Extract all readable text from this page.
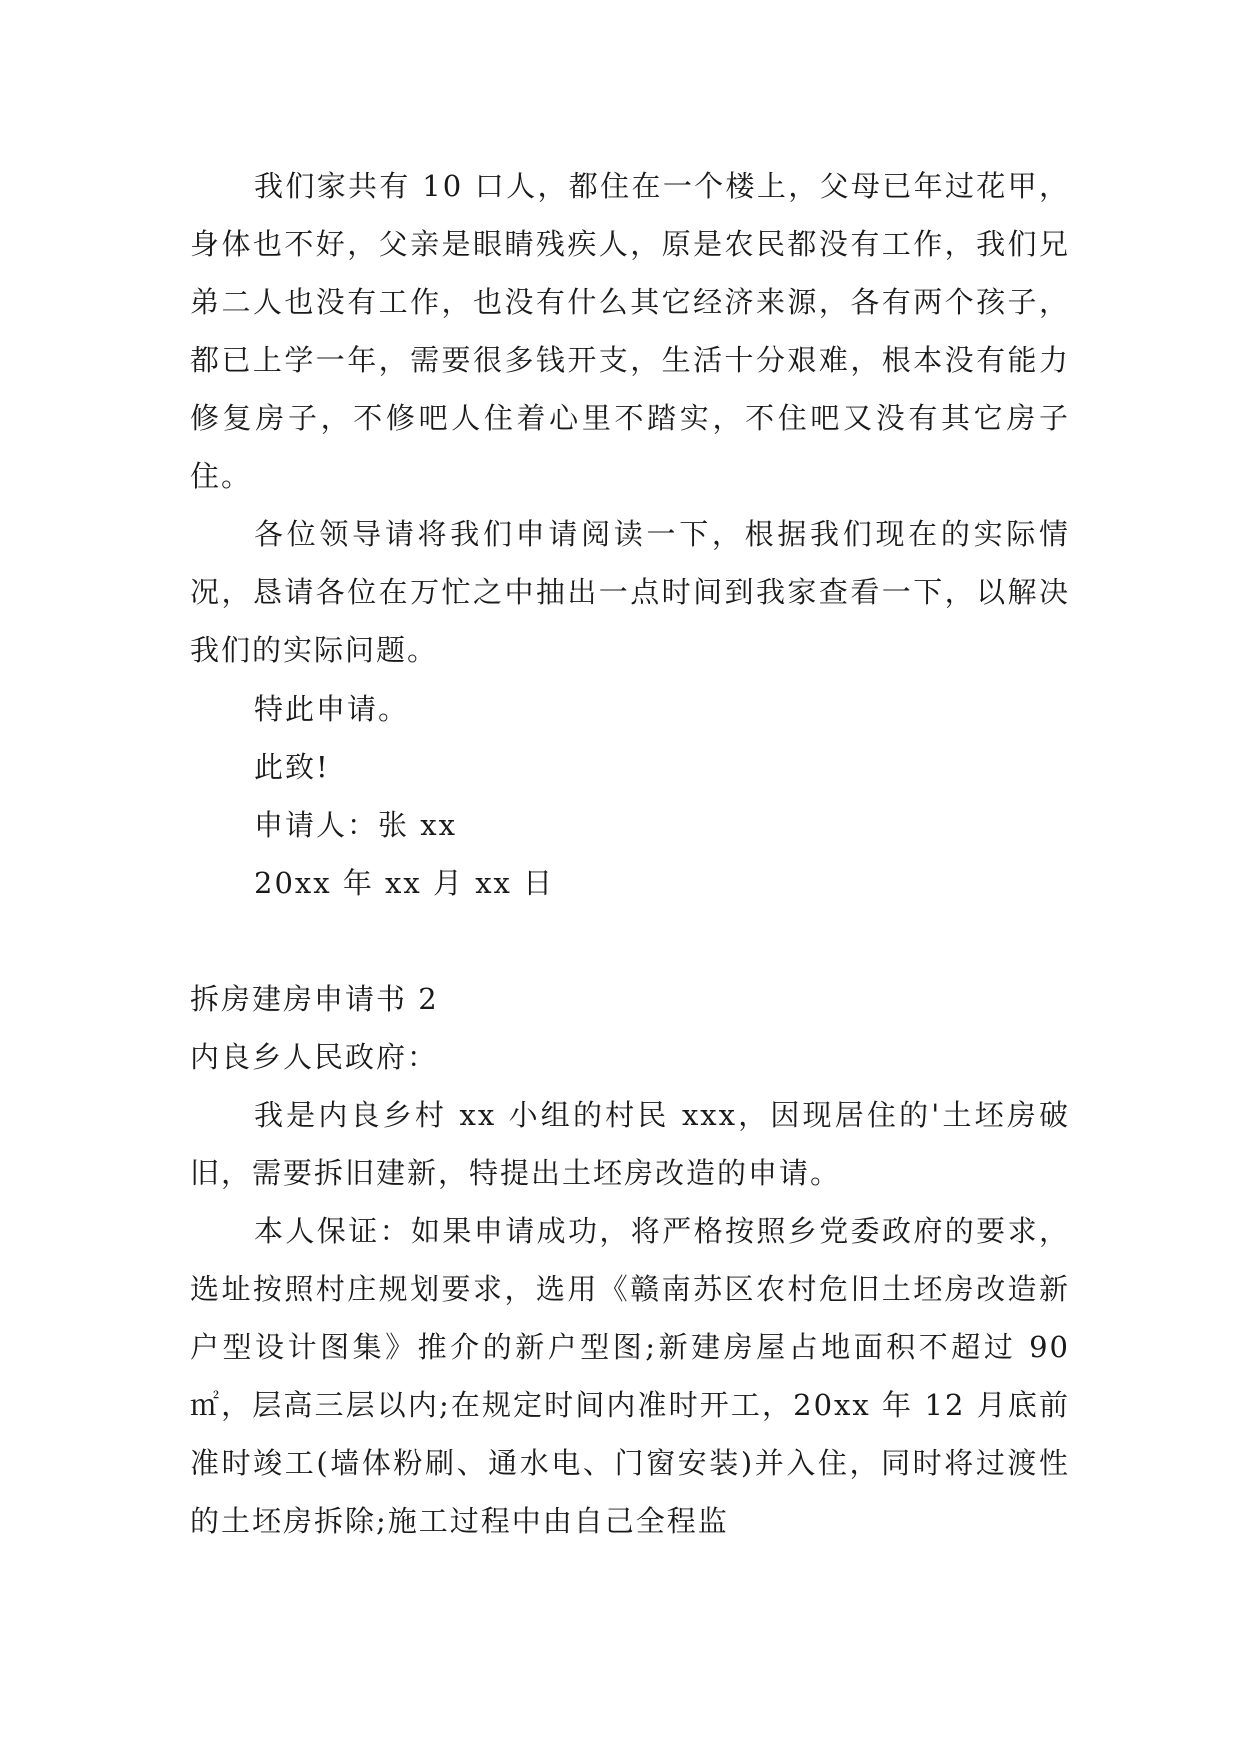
我们家共有 10 口人，都住在一个楼上，父母已年过花甲，身体也不好，父亲是眼睛残疾人，原是农民都没有工作，我们兄弟二人也没有工作，也没有什么其它经济来源，各有两个孩子，都已上学一年，需要很多钱开支，生活十分艰难，根本没有能力修复房子，不修吧人住着心里不踏实，不住吧又没有其它房子住。

各位领导请将我们申请阅读一下，根据我们现在的实际情况，恳请各位在万忙之中抽出一点时间到我家查看一下，以解决我们的实际问题。

特此申请。

此致!

申请人：张 xx

20xx 年 xx 月 xx 日

拆房建房申请书 2

内良乡人民政府：

我是内良乡村 xx 小组的村民 xxx，因现居住的'土坯房破旧，需要拆旧建新，特提出土坯房改造的申请。

本人保证：如果申请成功，将严格按照乡党委政府的要求，选址按照村庄规划要求，选用《赣南苏区农村危旧土坯房改造新户型设计图集》推介的新户型图;新建房屋占地面积不超过 90㎡，层高三层以内;在规定时间内准时开工，20xx 年 12 月底前准时竣工(墙体粉刷、通水电、门窗安装)并入住，同时将过渡性的土坯房拆除;施工过程中由自己全程监
